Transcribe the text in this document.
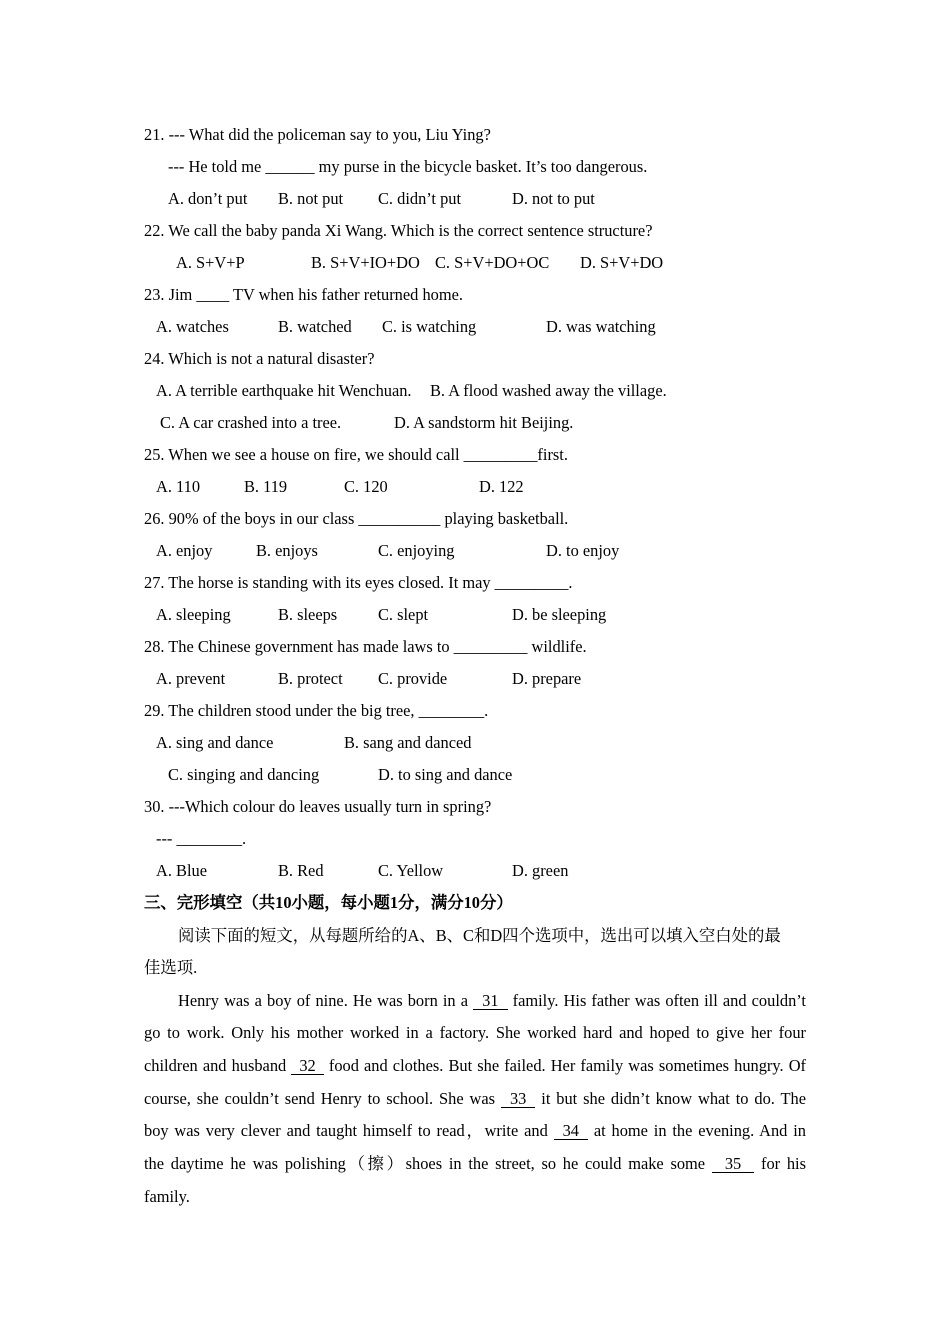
21. --- What did the policeman say to you, Liu Ying?
--- He told me ______ my purse in the bicycle basket. It’s too dangerous.
A. don’t put B. not put C. didn’t put	D. not to put
22. We call the baby panda Xi Wang. Which is the correct sentence structure?
A. S+V+P	B. S+V+IO+DO C. S+V+DO+OC D. S+V+DO
23. Jim ____ TV when his father returned home.
A. watches	B. watched C. is watching	D. was watching
24. Which is not a natural disaster?
A. A terrible earthquake hit Wenchuan. B. A flood washed away the village.
C. A car crashed into a tree.	D. A sandstorm hit Beijing.
25. When we see a house on fire, we should call _________first.
A. 110	B. 119	C. 120	D. 122
26. 90% of the boys in our class __________ playing basketball.
A. enjoy	B. enjoys	C. enjoying	D. to enjoy
27. The horse is standing with its eyes closed. It may _________.
A. sleeping	B. sleeps C. slept	D. be sleeping
28. The Chinese government has made laws to _________ wildlife.
A. prevent	B. protect C. provide	D. prepare
29. The children stood under the big tree, ________.
A. sing and dance	B. sang and danced
C. singing and dancing	D. to sing and dance
30. ---Which colour do leaves usually turn in spring?
--- ________.
A. Blue	B. Red	C. Yellow	D. green
三、完形填空（共10小题，每小题1分，满分10分）
阅读下面的短文，从每题所给的A、B、C和D四个选项中，选出可以填入空白处的最
佳选项.
Henry was a boy of nine. He was born in a 31 family. His father was often ill and couldn’t
go to work. Only his mother worked in a factory. She worked hard and hoped to give her four
children and husband 32 food and clothes. But she failed. Her family was sometimes hungry. Of
course, she couldn’t send Henry to school. She was 33 it but she didn’t know what to do. The
boy was very clever and taught himself to read，write and 34 at home in the evening. And in
the daytime he was polishing（擦）shoes in the street, so he could make some 35 for his
family.
